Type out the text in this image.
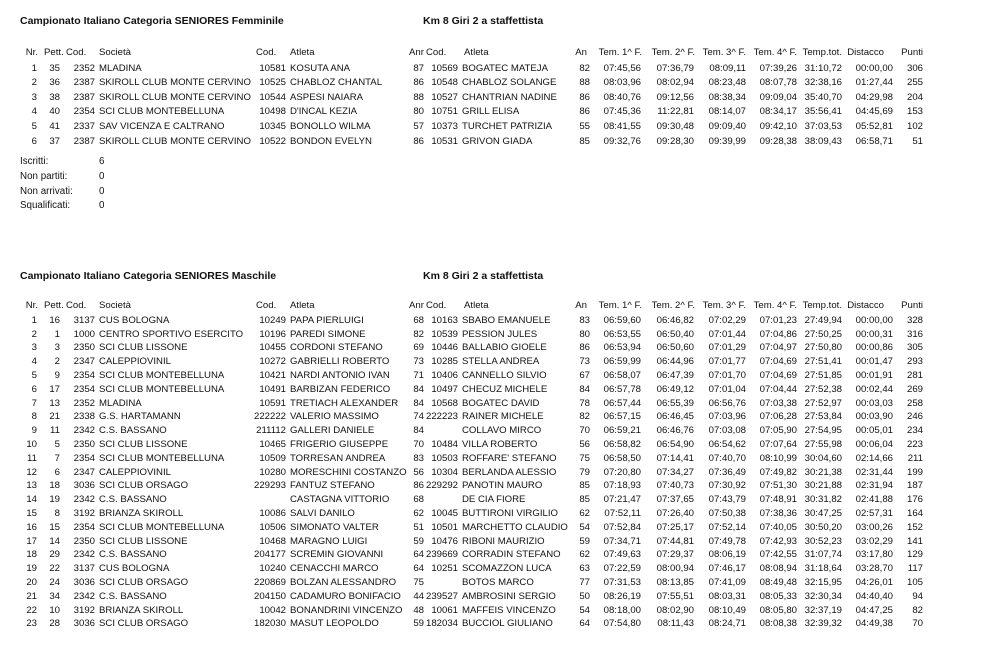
Campionato Italiano Categoria SENIORES Femminile	Km 8 Giri 2 a staffettista
Nr. Pett. Cod. Società	Cod. Atleta	Anr Cod. Atleta	An Tem. 1^ F. Tem. 2^ F. Tem. 3^ F. Tem. 4^ F. Temp.tot. Distacco Punti
1 35 2352 MLADINA	10581 KOSUTA ANA	87 10569 BOGATEC MATEJA	82 07:45,56 07:36,79 08:09,11 07:39,26 31:10,72 00:00,00 306
2 36 2387 SKIROLL CLUB MONTE CERVINO 10525 CHABLOZ CHANTAL	86 10548 CHABLOZ SOLANGE 88 08:03,96 08:02,94 08:23,48 08:07,78 32:38,16 01:27,44 255
3 38 2387 SKIROLL CLUB MONTE CERVINO 10544 ASPESI NAIARA	88 10527 CHANTRIAN NADINE 86 08:40,76 09:12,56 08:38,34 09:09,04 35:40,70 04:29,98 204
4 40 2354 SCI CLUB MONTEBELLUNA	10498 D'INCAL KEZIA	80 10751 GRILL ELISA	86 07:45,36 11:22,81 08:14,07 08:34,17 35:56,41 04:45,69 153
5 41 2337 SAV VICENZA E CALTRANO	10345 BONOLLO WILMA	57 10373 TURCHET PATRIZIA	55 08:41,55 09:30,48 09:09,40 09:42,10 37:03,53 05:52,81 102
6 37 2387 SKIROLL CLUB MONTE CERVINO 10522 BONDON EVELYN	86 10531 GRIVON GIADA	85 09:32,76 09:28,30 09:39,99 09:28,38 38:09,43 06:58,71 51
Iscritti:	6
Non partiti:	0
Non arrivati:	0
Squalificati:	0
Campionato Italiano Categoria SENIORES Maschile	Km 8 Giri 2 a staffettista
Nr. Pett. Cod. Società	Cod. Atleta	Anr Cod. Atleta	An Tem. 1^ F. Tem. 2^ F. Tem. 3^ F. Tem. 4^ F. Temp.tot. Distacco Punti
1 16 3137 CUS BOLOGNA	10249 PAPA PIERLUIGI	68 10163 SBABO EMANUELE	83 06:59,60 06:46,82 07:02,29 07:01,23 27:49,94 00:00,00 328
2 1 1000 CENTRO SPORTIVO ESERCITO 10196 PAREDI SIMONE	82 10539 PESSION JULES	80 06:53,55 06:50,40 07:01,44 07:04,86 27:50,25 00:00,31 316
3 3 2350 SCI CLUB LISSONE	10455 CORDONI STEFANO	69 10446 BALLABIO GIOELE	86 06:53,94 06:50,60 07:01,29 07:04,97 27:50,80 00:00,86 305
4 2 2347 CALEPPIOVINIL	10272 GABRIELLI ROBERTO 73 10285 STELLA ANDREA	73 06:59,99 06:44,96 07:01,77 07:04,69 27:51,41 00:01,47 293
5 9 2354 SCI CLUB MONTEBELLUNA	10421 NARDI ANTONIO IVAN 71 10406 CANNELLO SILVIO	67 06:58,07 06:47,39 07:01,70 07:04,69 27:51,85 00:01,91 281
6 17 2354 SCI CLUB MONTEBELLUNA	10491 BARBIZAN FEDERICO 84 10497 CHECUZ MICHELE	84 06:57,78 06:49,12 07:01,04 07:04,44 27:52,38 00:02,44 269
7 13 2352 MLADINA	10591 TRETIACH ALEXANDER 84 10568 BOGATEC DAVID	78 06:57,44 06:55,39 06:56,76 07:03,38 27:52,97 00:03,03 258
8 21 2338 G.S. HARTAMANN	222222 VALERIO MASSIMO	74 222223 RAINER MICHELE	82 06:57,15 06:46,45 07:03,96 07:06,28 27:53,84 00:03,90 246
9 11 2342 C.S. BASSANO	211112 GALLERI DANIELE	84	COLLAVO MIRCO	70 06:59,21 06:46,76 07:03,08 07:05,90 27:54,95 00:05,01 234
10 5 2350 SCI CLUB LISSONE	10465 FRIGERIO GIUSEPPE	70 10484 VILLA ROBERTO	56 06:58,82 06:54,90 06:54,62 07:07,64 27:55,98 00:06,04 223
11 7 2354 SCI CLUB MONTEBELLUNA	10509 TORRESAN ANDREA	83 10503 ROFFARE' STEFANO 75 06:58,50 07:14,41 07:40,70 08:10,99 30:04,60 02:14,66 211
12 6 2347 CALEPPIOVINIL	10280 MORESCHINI COSTANZO 56 10304 BERLANDA ALESSIO 79 07:20,80 07:34,27 07:36,49 07:49,82 30:21,38 02:31,44 199
13 18 3036 SCI CLUB ORSAGO	229293 FANTUZ STEFANO	86 229292 PANOTIN MAURO	85 07:18,93 07:40,73 07:30,92 07:51,30 30:21,88 02:31,94 187
14 19 2342 C.S. BASSANO	CASTAGNA VITTORIO	68	DE CIA FIORE	85 07:21,47 07:37,65 07:43,79 07:48,91 30:31,82 02:41,88 176
15 8 3192 BRIANZA SKIROLL	10086 SALVI DANILO	62 10045 BUTTIRONI VIRGILIO 62 07:52,11 07:26,40 07:50,38 07:38,36 30:47,25 02:57,31 164
16 15 2354 SCI CLUB MONTEBELLUNA	10506 SIMONATO VALTER	51 10501 MARCHETTO CLAUDIO 54 07:52,84 07:25,17 07:52,14 07:40,05 30:50,20 03:00,26 152
17 14 2350 SCI CLUB LISSONE	10468 MARAGNO LUIGI	59 10476 RIBONI MAURIZIO	59 07:34,71 07:44,81 07:49,78 07:42,93 30:52,23 03:02,29 141
18 29 2342 C.S. BASSANO	204177 SCREMIN GIOVANNI	64 239669 CORRADIN STEFANO 62 07:49,63 07:29,37 08:06,19 07:42,55 31:07,74 03:17,80 129
19 22 3137 CUS BOLOGNA	10240 CENACCHI MARCO	64 10251 SCOMAZZON LUCA	63 07:22,59 08:00,94 07:46,17 08:08,94 31:18,64 03:28,70 117
20 24 3036 SCI CLUB ORSAGO	220869 BOLZAN ALESSANDRO 75	BOTOS MARCO	77 07:31,53 08:13,85 07:41,09 08:49,48 32:15,95 04:26,01 105
21 34 2342 C.S. BASSANO	204150 CADAMURO BONIFACIO 44 239527 AMBROSINI SERGIO 50 08:26,19 07:55,51 08:03,31 08:05,33 32:30,34 04:40,40 94
22 10 3192 BRIANZA SKIROLL	10042 BONANDRINI VINCENZO 48 10061 MAFFEIS VINCENZO 54 08:18,00 08:02,90 08:10,49 08:05,80 32:37,19 04:47,25 82
23 28 3036 SCI CLUB ORSAGO	182030 MASUT LEOPOLDO	59 182034 BUCCIOL GIULIANO	64 07:54,80 08:11,43 08:24,71 08:08,38 32:39,32 04:49,38 70
